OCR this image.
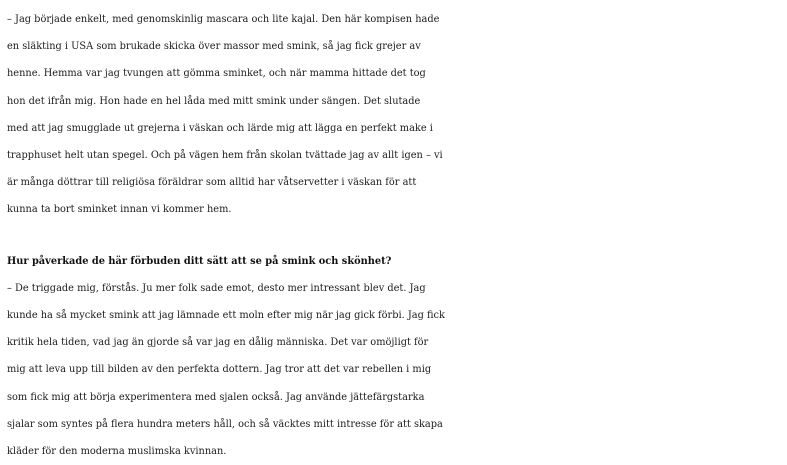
– Jag började enkelt, med genomskinlig mascara och lite kajal. Den här kompisen hade
en släkting i USA som brukade skicka över massor med smink, så jag fick grejer av
henne. Hemma var jag tvungen att gömma sminket, och när mamma hittade det tog
hon det ifrån mig. Hon hade en hel låda med mitt smink under sängen. Det slutade
med att jag smugglade ut grejerna i väskan och lärde mig att lägga en perfekt make i
trapphuset helt utan spegel. Och på vägen hem från skolan tvättade jag av allt igen – vi
är många döttrar till religiösa föräldrar som alltid har våtservetter i väskan för att
kunna ta bort sminket innan vi kommer hem.

Hur påverkade de här förbuden ditt sätt att se på smink och skönhet?
– De triggade mig, förstås. Ju mer folk sade emot, desto mer intressant blev det. Jag
kunde ha så mycket smink att jag lämnade ett moln efter mig när jag gick förbi. Jag fick
kritik hela tiden, vad jag än gjorde så var jag en dålig människa. Det var omöjligt för
mig att leva upp till bilden av den perfekta dottern. Jag tror att det var rebellen i mig
som fick mig att börja experimentera med sjalen också. Jag använde jättefärgstarka
sjalar som syntes på flera hundra meters håll, och så väcktes mitt intresse för att skapa
kläder för den moderna muslimska kvinnan.
